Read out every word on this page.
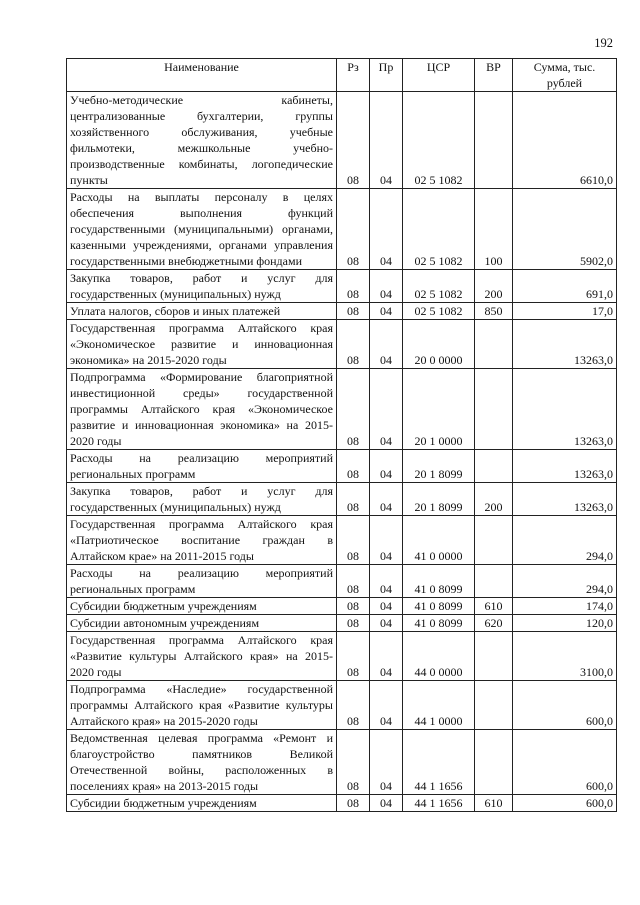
192
Наименование	Рз	Пр	ЦСР	ВР	Сумма, тыс. рублей
Учебно-методические кабинеты, централизованные бухгалтерии, группы хозяйственного обслуживания, учебные фильмотеки, межшкольные учебно-производственные комбинаты, логопедические пункты	08	04	02 5 1082		6610,0
Расходы на выплаты персоналу в целях обеспечения выполнения функций государственными (муниципальными) органами, казенными учреждениями, органами управления государственными внебюджетными фондами	08	04	02 5 1082	100	5902,0
Закупка товаров, работ и услуг для государственных (муниципальных) нужд	08	04	02 5 1082	200	691,0
Уплата налогов, сборов и иных платежей	08	04	02 5 1082	850	17,0
Государственная программа Алтайского края «Экономическое развитие и инновационная экономика» на 2015-2020 годы	08	04	20 0 0000		13263,0
Подпрограмма «Формирование благоприятной инвестиционной среды» государственной программы Алтайского края «Экономическое развитие и инновационная экономика» на 2015-2020 годы	08	04	20 1 0000		13263,0
Расходы на реализацию мероприятий региональных программ	08	04	20 1 8099		13263,0
Закупка товаров, работ и услуг для государственных (муниципальных) нужд	08	04	20 1 8099	200	13263,0
Государственная программа Алтайского края «Патриотическое воспитание граждан в Алтайском крае» на 2011-2015 годы	08	04	41 0 0000		294,0
Расходы на реализацию мероприятий региональных программ	08	04	41 0 8099		294,0
Субсидии бюджетным учреждениям	08	04	41 0 8099	610	174,0
Субсидии автономным учреждениям	08	04	41 0 8099	620	120,0
Государственная программа Алтайского края «Развитие культуры Алтайского края» на 2015-2020 годы	08	04	44 0 0000		3100,0
Подпрограмма «Наследие» государственной программы Алтайского края «Развитие культуры Алтайского края» на 2015-2020 годы	08	04	44 1 0000		600,0
Ведомственная целевая программа «Ремонт и благоустройство памятников Великой Отечественной войны, расположенных в поселениях края» на 2013-2015 годы	08	04	44 1 1656		600,0
Субсидии бюджетным учреждениям	08	04	44 1 1656	610	600,0
